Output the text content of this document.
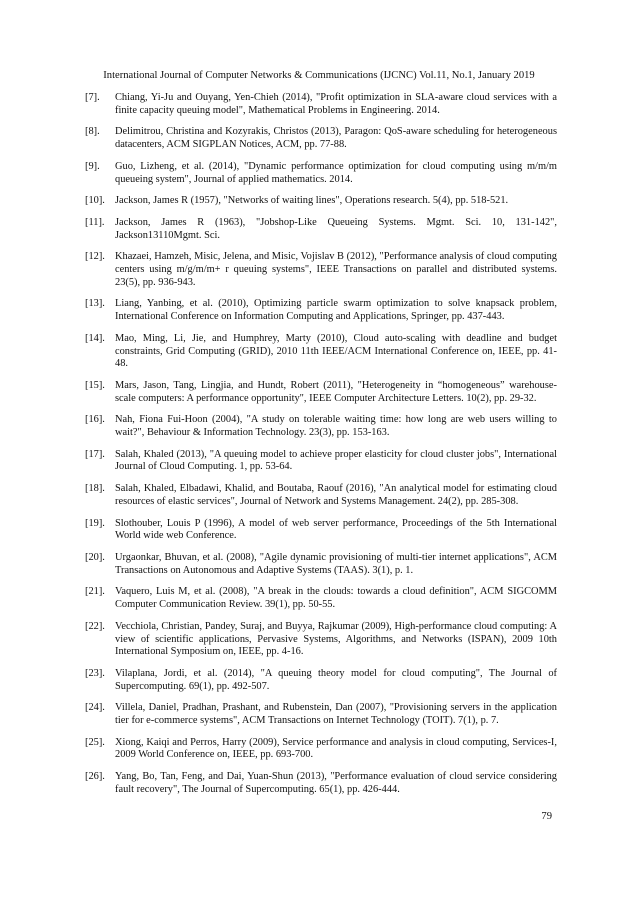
International Journal of Computer Networks & Communications (IJCNC) Vol.11, No.1, January 2019
[7].	Chiang, Yi-Ju and Ouyang, Yen-Chieh (2014), "Profit optimization in SLA-aware cloud services with a finite capacity queuing model", Mathematical Problems in Engineering. 2014.
[8].	Delimitrou, Christina and Kozyrakis, Christos (2013), Paragon: QoS-aware scheduling for heterogeneous datacenters, ACM SIGPLAN Notices, ACM, pp. 77-88.
[9].	Guo, Lizheng, et al. (2014), "Dynamic performance optimization for cloud computing using m/m/m queueing system", Journal of applied mathematics. 2014.
[10]. Jackson, James R (1957), "Networks of waiting lines", Operations research. 5(4), pp. 518-521.
[11].	Jackson, James R (1963), "Jobshop-Like Queueing Systems. Mgmt. Sci. 10, 131-142", Jackson13110Mgmt. Sci.
[12]. Khazaei, Hamzeh, Misic, Jelena, and Misic, Vojislav B (2012), "Performance analysis of cloud computing centers using m/g/m/m+ r queuing systems", IEEE Transactions on parallel and distributed systems. 23(5), pp. 936-943.
[13]. Liang, Yanbing, et al. (2010), Optimizing particle swarm optimization to solve knapsack problem, International Conference on Information Computing and Applications, Springer, pp. 437-443.
[14]. Mao, Ming, Li, Jie, and Humphrey, Marty (2010), Cloud auto-scaling with deadline and budget constraints, Grid Computing (GRID), 2010 11th IEEE/ACM International Conference on, IEEE, pp. 41-48.
[15]. Mars, Jason, Tang, Lingjia, and Hundt, Robert (2011), "Heterogeneity in “homogeneous” warehouse-scale computers: A performance opportunity", IEEE Computer Architecture Letters. 10(2), pp. 29-32.
[16]. Nah, Fiona Fui-Hoon (2004), "A study on tolerable waiting time: how long are web users willing to wait?", Behaviour & Information Technology. 23(3), pp. 153-163.
[17]. Salah, Khaled (2013), "A queuing model to achieve proper elasticity for cloud cluster jobs", International Journal of Cloud Computing. 1, pp. 53-64.
[18]. Salah, Khaled, Elbadawi, Khalid, and Boutaba, Raouf (2016), "An analytical model for estimating cloud resources of elastic services", Journal of Network and Systems Management. 24(2), pp. 285-308.
[19]. Slothouber, Louis P (1996), A model of web server performance, Proceedings of the 5th International World wide web Conference.
[20]. Urgaonkar, Bhuvan, et al. (2008), "Agile dynamic provisioning of multi-tier internet applications", ACM Transactions on Autonomous and Adaptive Systems (TAAS). 3(1), p. 1.
[21]. Vaquero, Luis M, et al. (2008), "A break in the clouds: towards a cloud definition", ACM SIGCOMM Computer Communication Review. 39(1), pp. 50-55.
[22]. Vecchiola, Christian, Pandey, Suraj, and Buyya, Rajkumar (2009), High-performance cloud computing: A view of scientific applications, Pervasive Systems, Algorithms, and Networks (ISPAN), 2009 10th International Symposium on, IEEE, pp. 4-16.
[23]. Vilaplana, Jordi, et al. (2014), "A queuing theory model for cloud computing", The Journal of Supercomputing. 69(1), pp. 492-507.
[24]. Villela, Daniel, Pradhan, Prashant, and Rubenstein, Dan (2007), "Provisioning servers in the application tier for e-commerce systems", ACM Transactions on Internet Technology (TOIT). 7(1), p. 7.
[25]. Xiong, Kaiqi and Perros, Harry (2009), Service performance and analysis in cloud computing, Services-I, 2009 World Conference on, IEEE, pp. 693-700.
[26]. Yang, Bo, Tan, Feng, and Dai, Yuan-Shun (2013), "Performance evaluation of cloud service considering fault recovery", The Journal of Supercomputing. 65(1), pp. 426-444.
79
